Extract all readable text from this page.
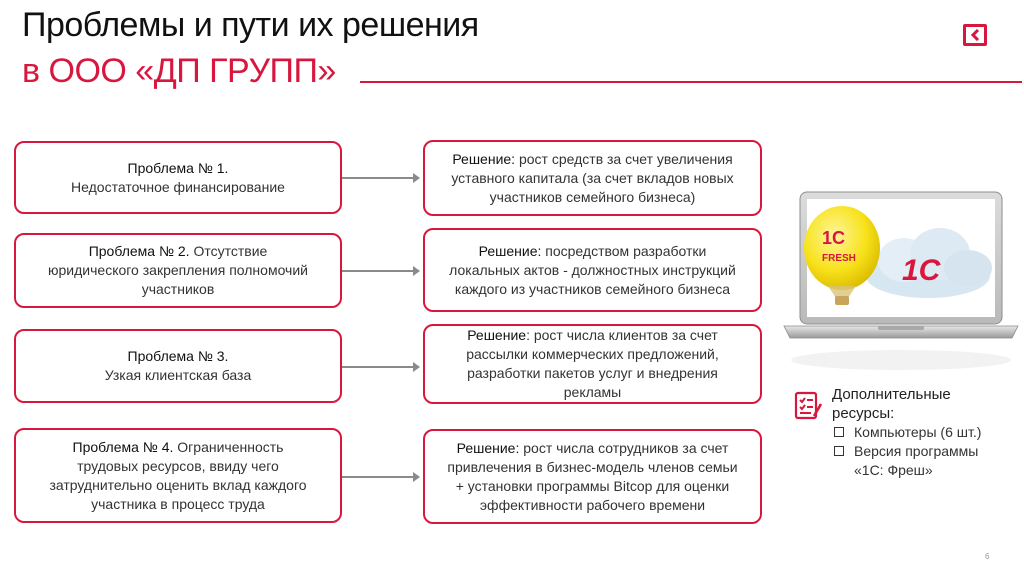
Проблемы и пути их решения
в ООО «ДП ГРУПП»
Проблема № 1.
Недостаточное финансирование
Проблема № 2. Отсутствие
юридического закрепления полномочий
участников
Проблема № 3.
Узкая клиентская база
Проблема № 4. Ограниченность
трудовых ресурсов, ввиду чего
затруднительно оценить вклад каждого
участника в процесс труда
Решение: рост средств за счет увеличения
уставного капитала (за счет вкладов новых
участников семейного бизнеса)
Решение: посредством разработки
локальных актов - должностных инструкций
каждого из участников семейного бизнеса
Решение: рост числа клиентов за счет
рассылки коммерческих предложений,
разработки пакетов услуг и внедрения
рекламы
Решение: рост числа сотрудников за счет
привлечения в бизнес-модель членов семьи
+ установки программы Bitcop для оценки
эффективности рабочего времени
1С
1С
FRESH
Дополнительные
ресурсы:
Компьютеры (6 шт.)
Версия программы
«1С: Фреш»
6
